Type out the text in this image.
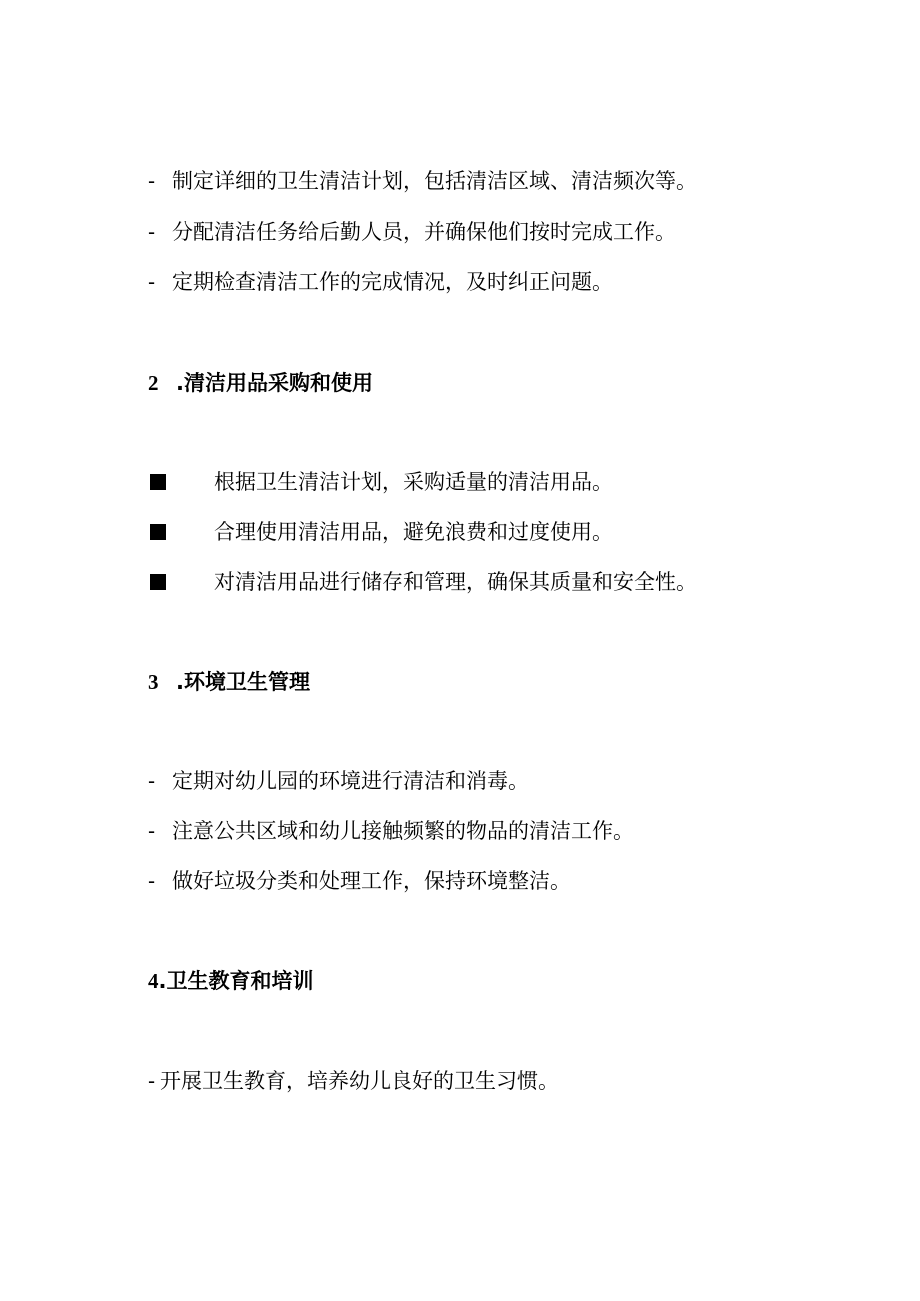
- 制定详细的卫生清洁计划，包括清洁区域、清洁频次等。
- 分配清洁任务给后勤人员，并确保他们按时完成工作。
- 定期检查清洁工作的完成情况，及时纠正问题。
2 .清洁用品采购和使用
根据卫生清洁计划，采购适量的清洁用品。
合理使用清洁用品，避免浪费和过度使用。
对清洁用品进行储存和管理，确保其质量和安全性。
3 .环境卫生管理
- 定期对幼儿园的环境进行清洁和消毒。
- 注意公共区域和幼儿接触频繁的物品的清洁工作。
- 做好垃圾分类和处理工作，保持环境整洁。
4.卫生教育和培训
- 开展卫生教育，培养幼儿良好的卫生习惯。
